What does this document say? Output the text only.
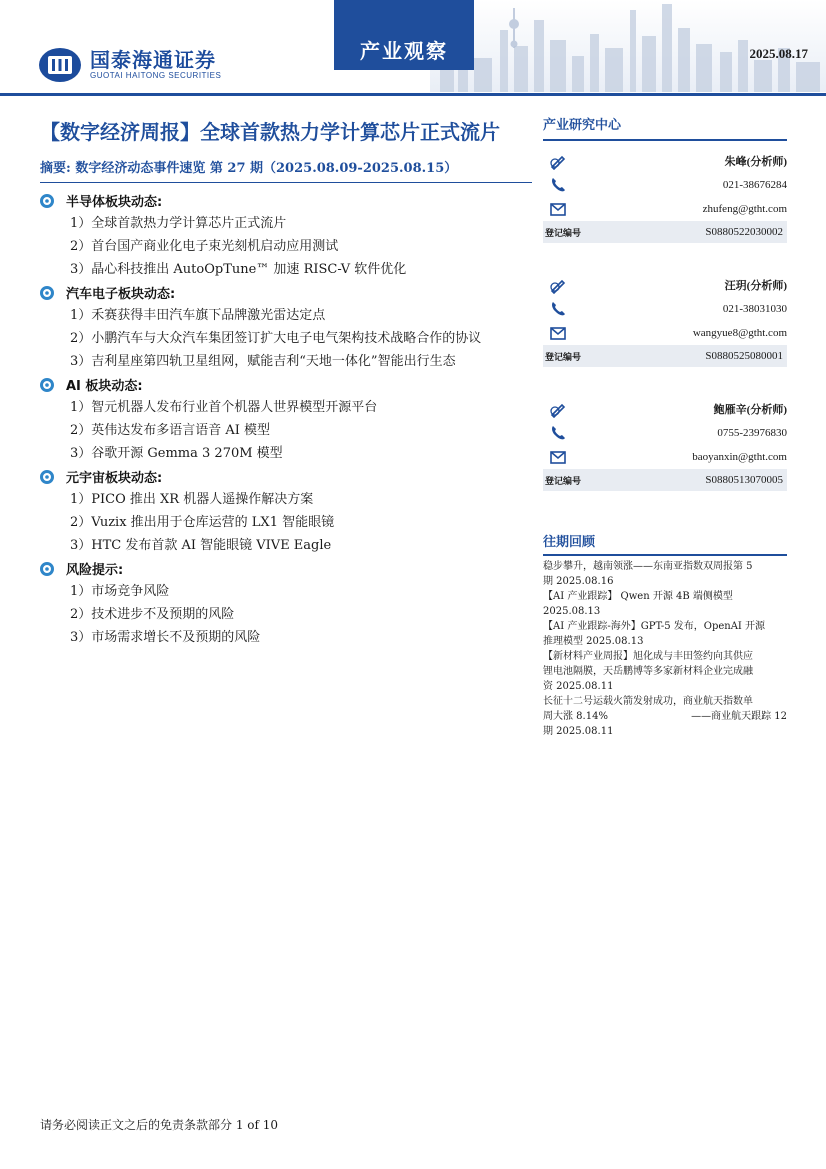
国泰海通证券
GUOTAI HAITONG SECURITIES
产业观察	2025.08.17
【数字经济周报】全球首款热力学计算芯片正式流片
摘要: 数字经济动态事件速览 第 27 期（2025.08.09-2025.08.15）
半导体板块动态:
1）全球首款热力学计算芯片正式流片
2）首台国产商业化电子束光刻机启动应用测试
3）晶心科技推出 AutoOpTune™ 加速 RISC-V 软件优化
汽车电子板块动态:
1）禾赛获得丰田汽车旗下品牌激光雷达定点
2）小鹏汽车与大众汽车集团签订扩大电子电气架构技术战略合作的协议
3）吉利星座第四轨卫星组网，赋能吉利“天地一体化”智能出行生态
AI 板块动态:
1）智元机器人发布行业首个机器人世界模型开源平台
2）英伟达发布多语言语音 AI 模型
3）谷歌开源 Gemma 3 270M 模型
元宇宙板块动态:
1）PICO 推出 XR 机器人遥操作解决方案
2）Vuzix 推出用于仓库运营的 LX1 智能眼镜
3）HTC 发布首款 AI 智能眼镜 VIVE Eagle
风险提示:
1）市场竞争风险
2）技术进步不及预期的风险
3）市场需求增长不及预期的风险
产业研究中心
朱峰(分析师)
021-38676284
zhufeng@gtht.com
登记编号	S0880522030002
汪玥(分析师)
021-38031030
wangyue8@gtht.com
登记编号	S0880525080001
鲍雁辛(分析师)
0755-23976830
baoyanxin@gtht.com
登记编号	S0880513070005
往期回顾
稳步攀升，越南领涨——东南亚指数双周报第 5
期 2025.08.16
【AI 产业跟踪】 Qwen 开源 4B 端侧模型
2025.08.13
【AI 产业跟踪-海外】GPT-5 发布，OpenAI 开源
推理模型 2025.08.13
【新材料产业周报】旭化成与丰田签约向其供应
锂电池隔膜，天岳鹏博等多家新材料企业完成融
资 2025.08.11
长征十二号运载火箭发射成功，商业航天指数单
周大涨 8.14%	——商业航天跟踪 12
期 2025.08.11
请务必阅读正文之后的免责条款部分 1 of 10
